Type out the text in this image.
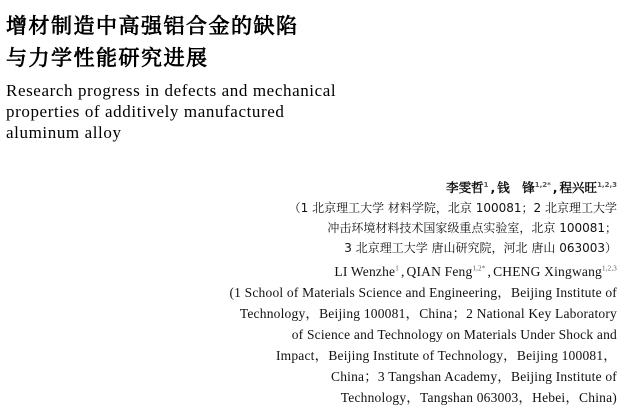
增材制造中高强铝合金的缺陷
与力学性能研究进展
Research progress in defects and mechanical
properties of additively manufactured
aluminum alloy
李雯哲$^1$ , 钱　锋$^{1,2*}$ , 程兴旺$^{1,2,3}$
（1 北京理工大学 材料学院，北京 100081；2 北京理工大学
冲击环境材料技术国家级重点实验室，北京 100081；
3 北京理工大学 唐山研究院，河北 唐山 063003）
LI Wenzhe$^1$ , QIAN Feng$^{1,2*}$ , CHENG Xingwang$^{1,2,3}$
(1 School of Materials Science and Engineering，Beijing Institute of
Technology，Beijing 100081，China；2 National Key Laboratory
of Science and Technology on Materials Under Shock and
Impact，Beijing Institute of Technology，Beijing 100081，
China；3 Tangshan Academy，Beijing Institute of
Technology，Tangshan 063003，Hebei，China)
